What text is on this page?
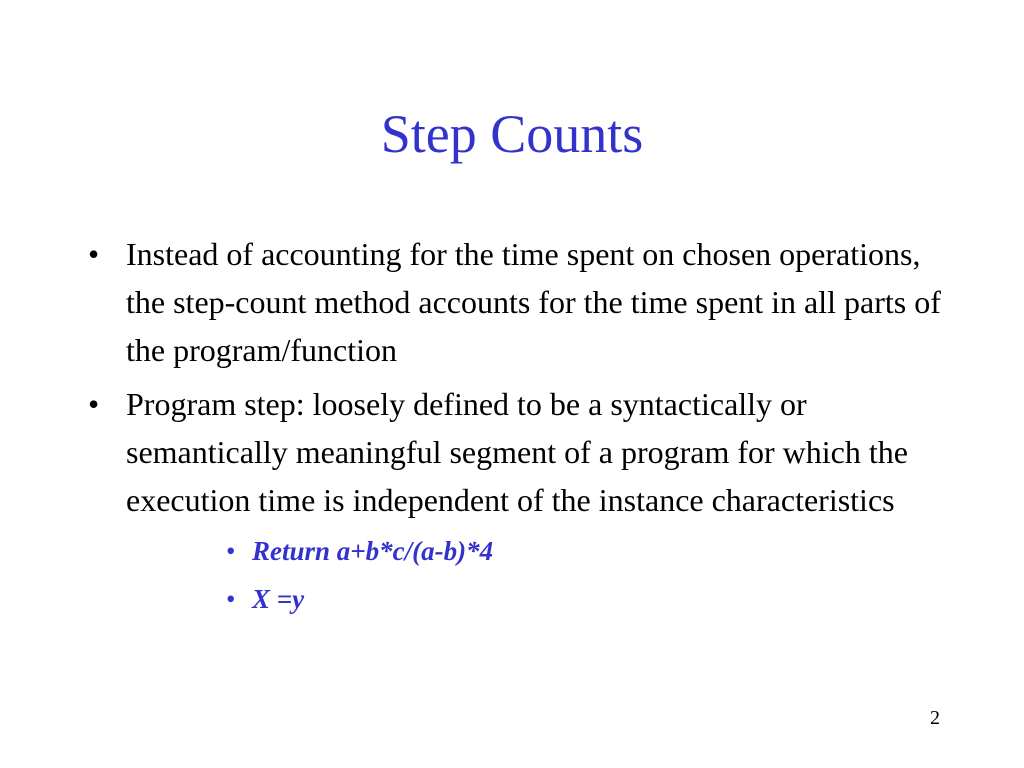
Step Counts
• Instead of accounting for the time spent on chosen operations, the step-count method accounts for the time spent in all parts of the program/function
• Program step: loosely defined to be a syntactically or semantically meaningful segment of a program for which the execution time is independent of the instance characteristics
• Return a+b*c/(a-b)*4
• X =y
2
